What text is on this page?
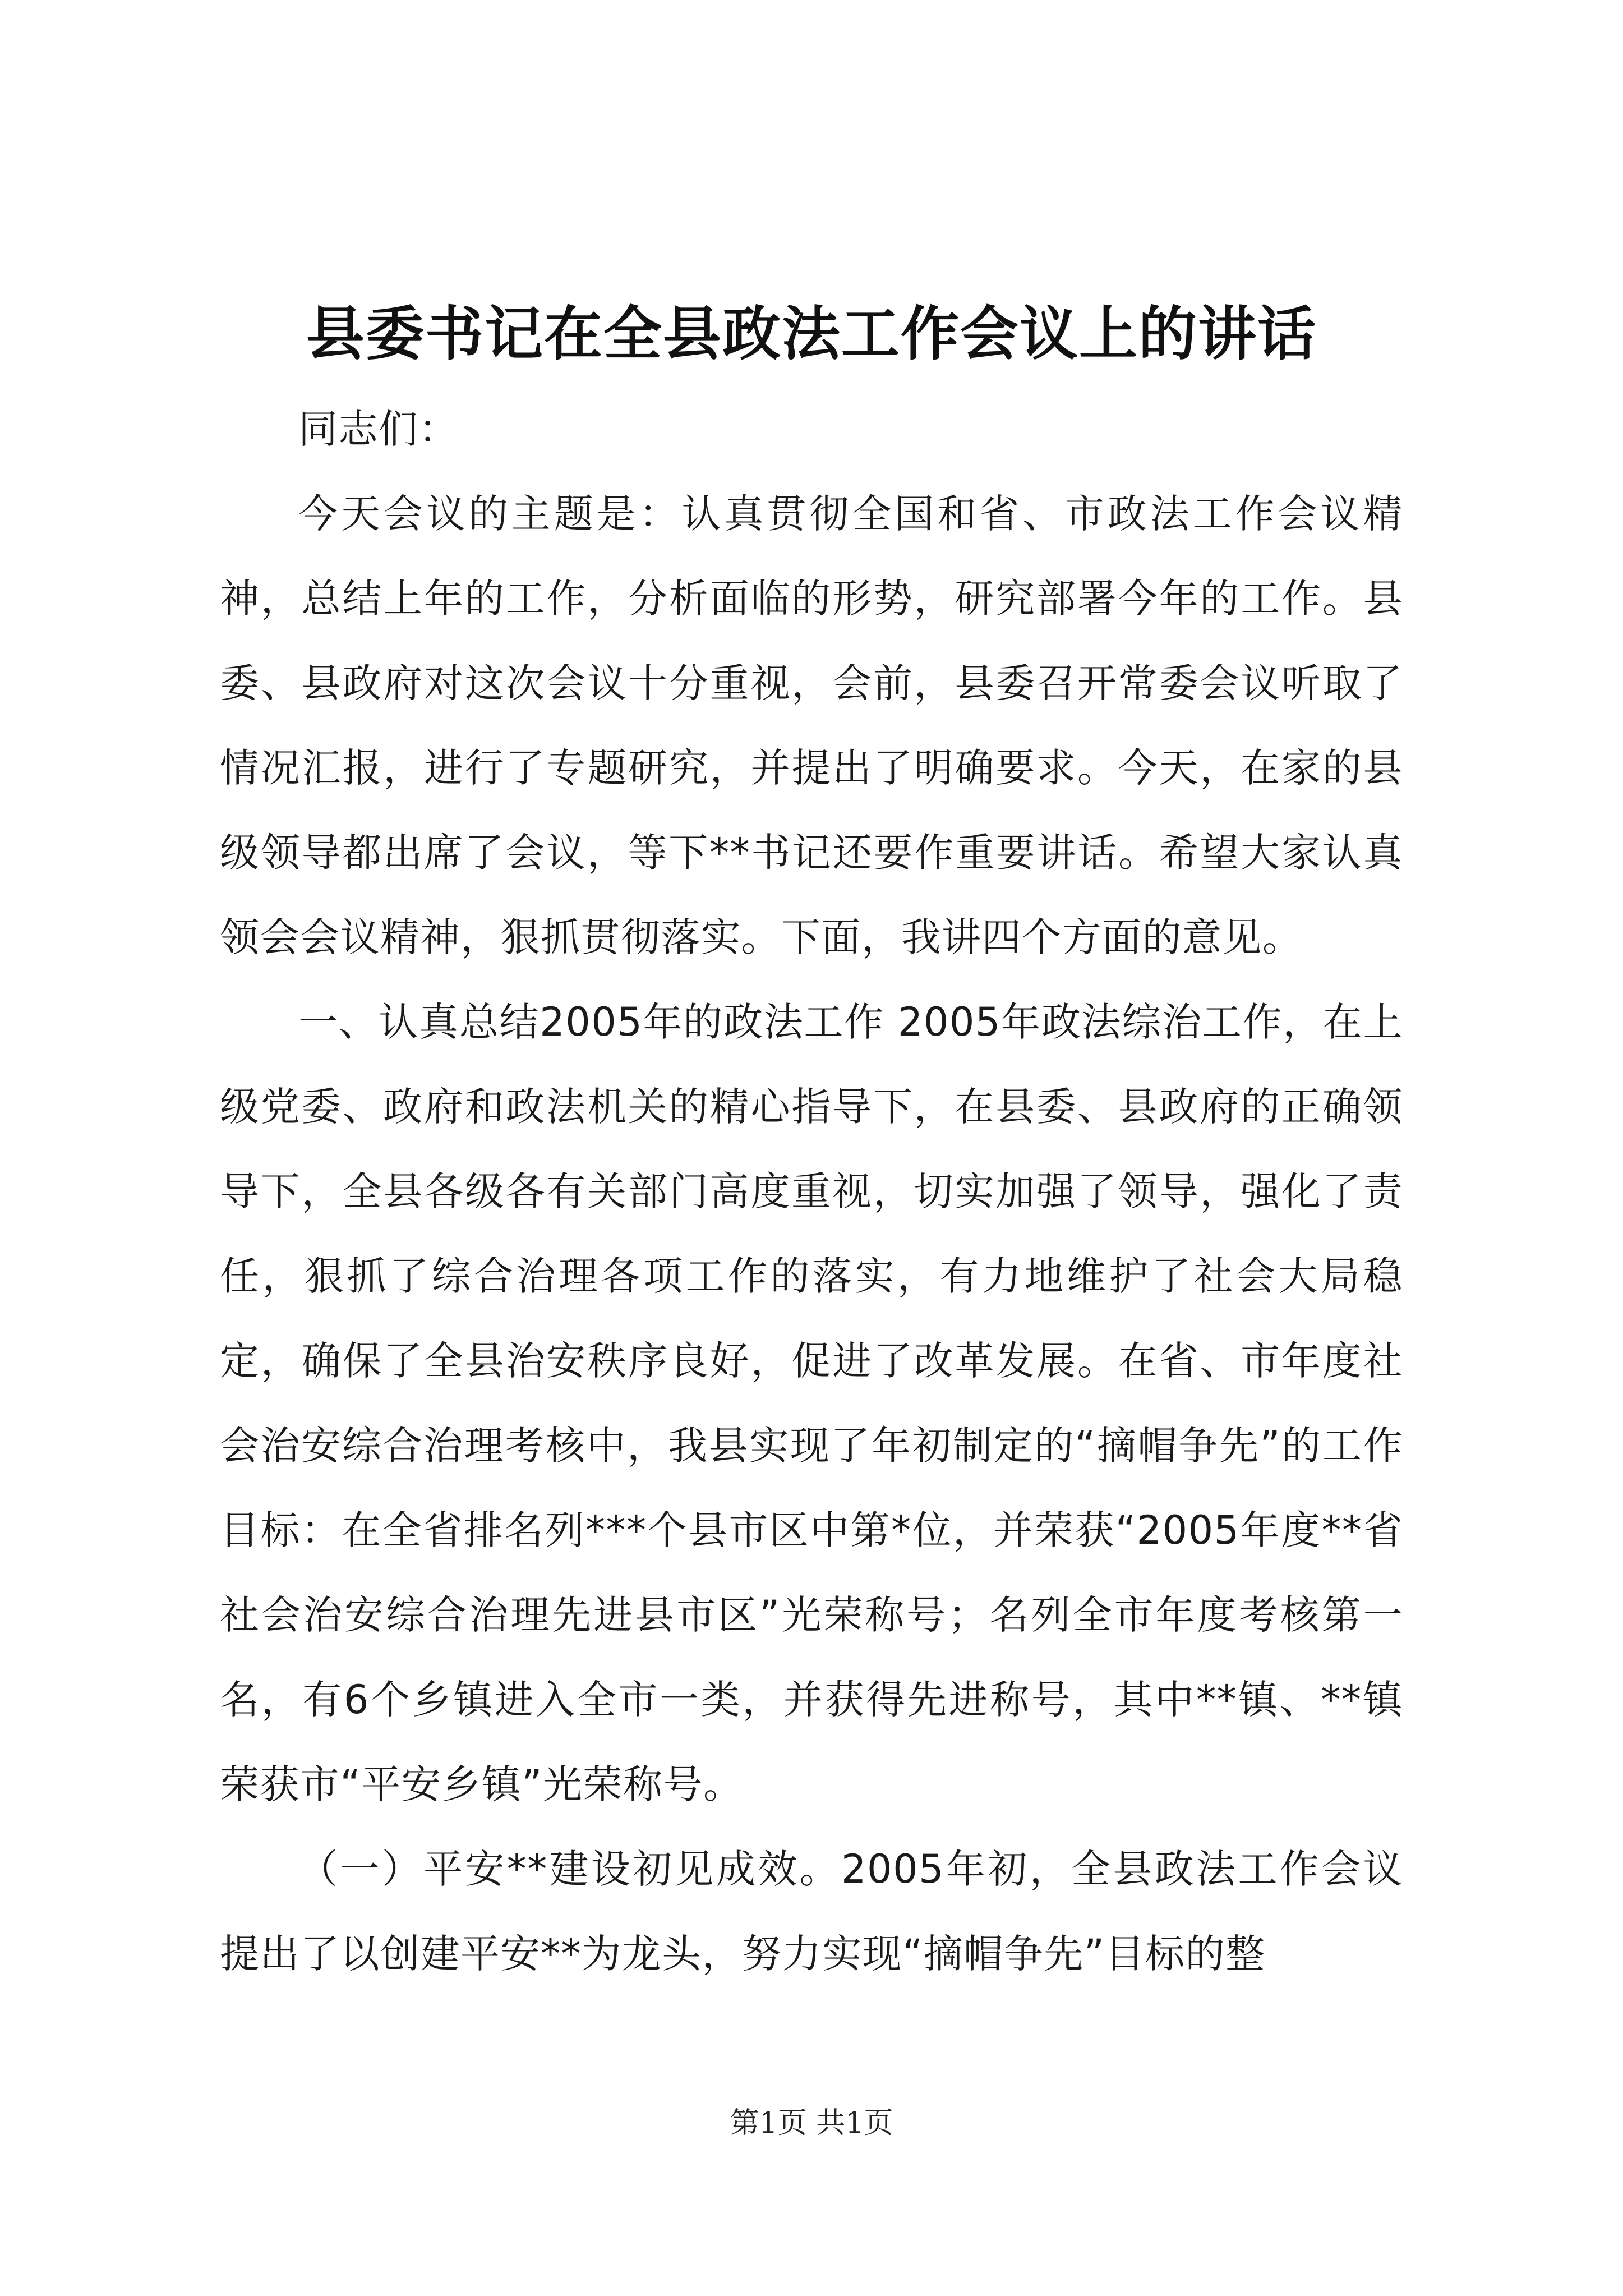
县委书记在全县政法工作会议上的讲话

同志们：

今天会议的主题是：认真贯彻全国和省、市政法工作会议精神，总结上年的工作，分析面临的形势，研究部署今年的工作。县委、县政府对这次会议十分重视，会前，县委召开常委会议听取了情况汇报，进行了专题研究，并提出了明确要求。今天，在家的县级领导都出席了会议，等下**书记还要作重要讲话。希望大家认真领会会议精神，狠抓贯彻落实。下面，我讲四个方面的意见。

一、认真总结2005年的政法工作 2005年政法综治工作，在上级党委、政府和政法机关的精心指导下，在县委、县政府的正确领导下，全县各级各有关部门高度重视，切实加强了领导，强化了责任，狠抓了综合治理各项工作的落实，有力地维护了社会大局稳定，确保了全县治安秩序良好，促进了改革发展。在省、市年度社会治安综合治理考核中，我县实现了年初制定的“摘帽争先”的工作目标：在全省排名列***个县市区中第*位，并荣获“2005年度**省社会治安综合治理先进县市区”光荣称号；名列全市年度考核第一名，有6个乡镇进入全市一类，并获得先进称号，其中**镇、**镇荣获市“平安乡镇”光荣称号。

（一）平安**建设初见成效。2005年初，全县政法工作会议提出了以创建平安**为龙头，努力实现“摘帽争先”目标的整

第1页 共1页
